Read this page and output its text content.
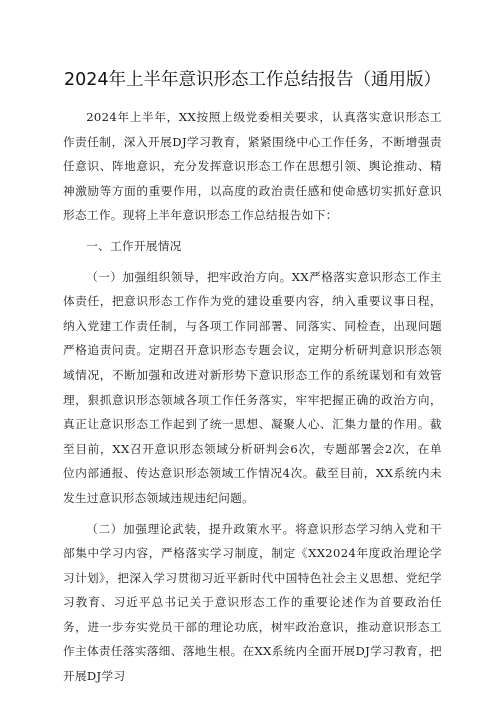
2024年上半年意识形态工作总结报告（通用版）

2024年上半年，XX按照上级党委相关要求，认真落实意识形态工作责任制，深入开展DJ学习教育，紧紧围绕中心工作任务，不断增强责任意识、阵地意识，充分发挥意识形态工作在思想引领、舆论推动、精神激励等方面的重要作用，以高度的政治责任感和使命感切实抓好意识形态工作。现将上半年意识形态工作总结报告如下：

一、工作开展情况

（一）加强组织领导，把牢政治方向。XX严格落实意识形态工作主体责任，把意识形态工作作为党的建设重要内容，纳入重要议事日程，纳入党建工作责任制，与各项工作同部署、同落实、同检查，出现问题严格追责问责。定期召开意识形态专题会议，定期分析研判意识形态领域情况，不断加强和改进对新形势下意识形态工作的系统谋划和有效管理，狠抓意识形态领域各项工作任务落实，牢牢把握正确的政治方向，真正让意识形态工作起到了统一思想、凝聚人心、汇集力量的作用。截至目前，XX召开意识形态领域分析研判会6次，专题部署会2次，在单位内部通报、传达意识形态领域工作情况4次。截至目前，XX系统内未发生过意识形态领域违规违纪问题。

（二）加强理论武装，提升政策水平。将意识形态学习纳入党和干部集中学习内容，严格落实学习制度，制定《XX2024年度政治理论学习计划》，把深入学习贯彻习近平新时代中国特色社会主义思想、党纪学习教育、习近平总书记关于意识形态工作的重要论述作为首要政治任务，进一步夯实党员干部的理论功底，树牢政治意识，推动意识形态工作主体责任落实落细、落地生根。在XX系统内全面开展DJ学习教育，把开展DJ学习
